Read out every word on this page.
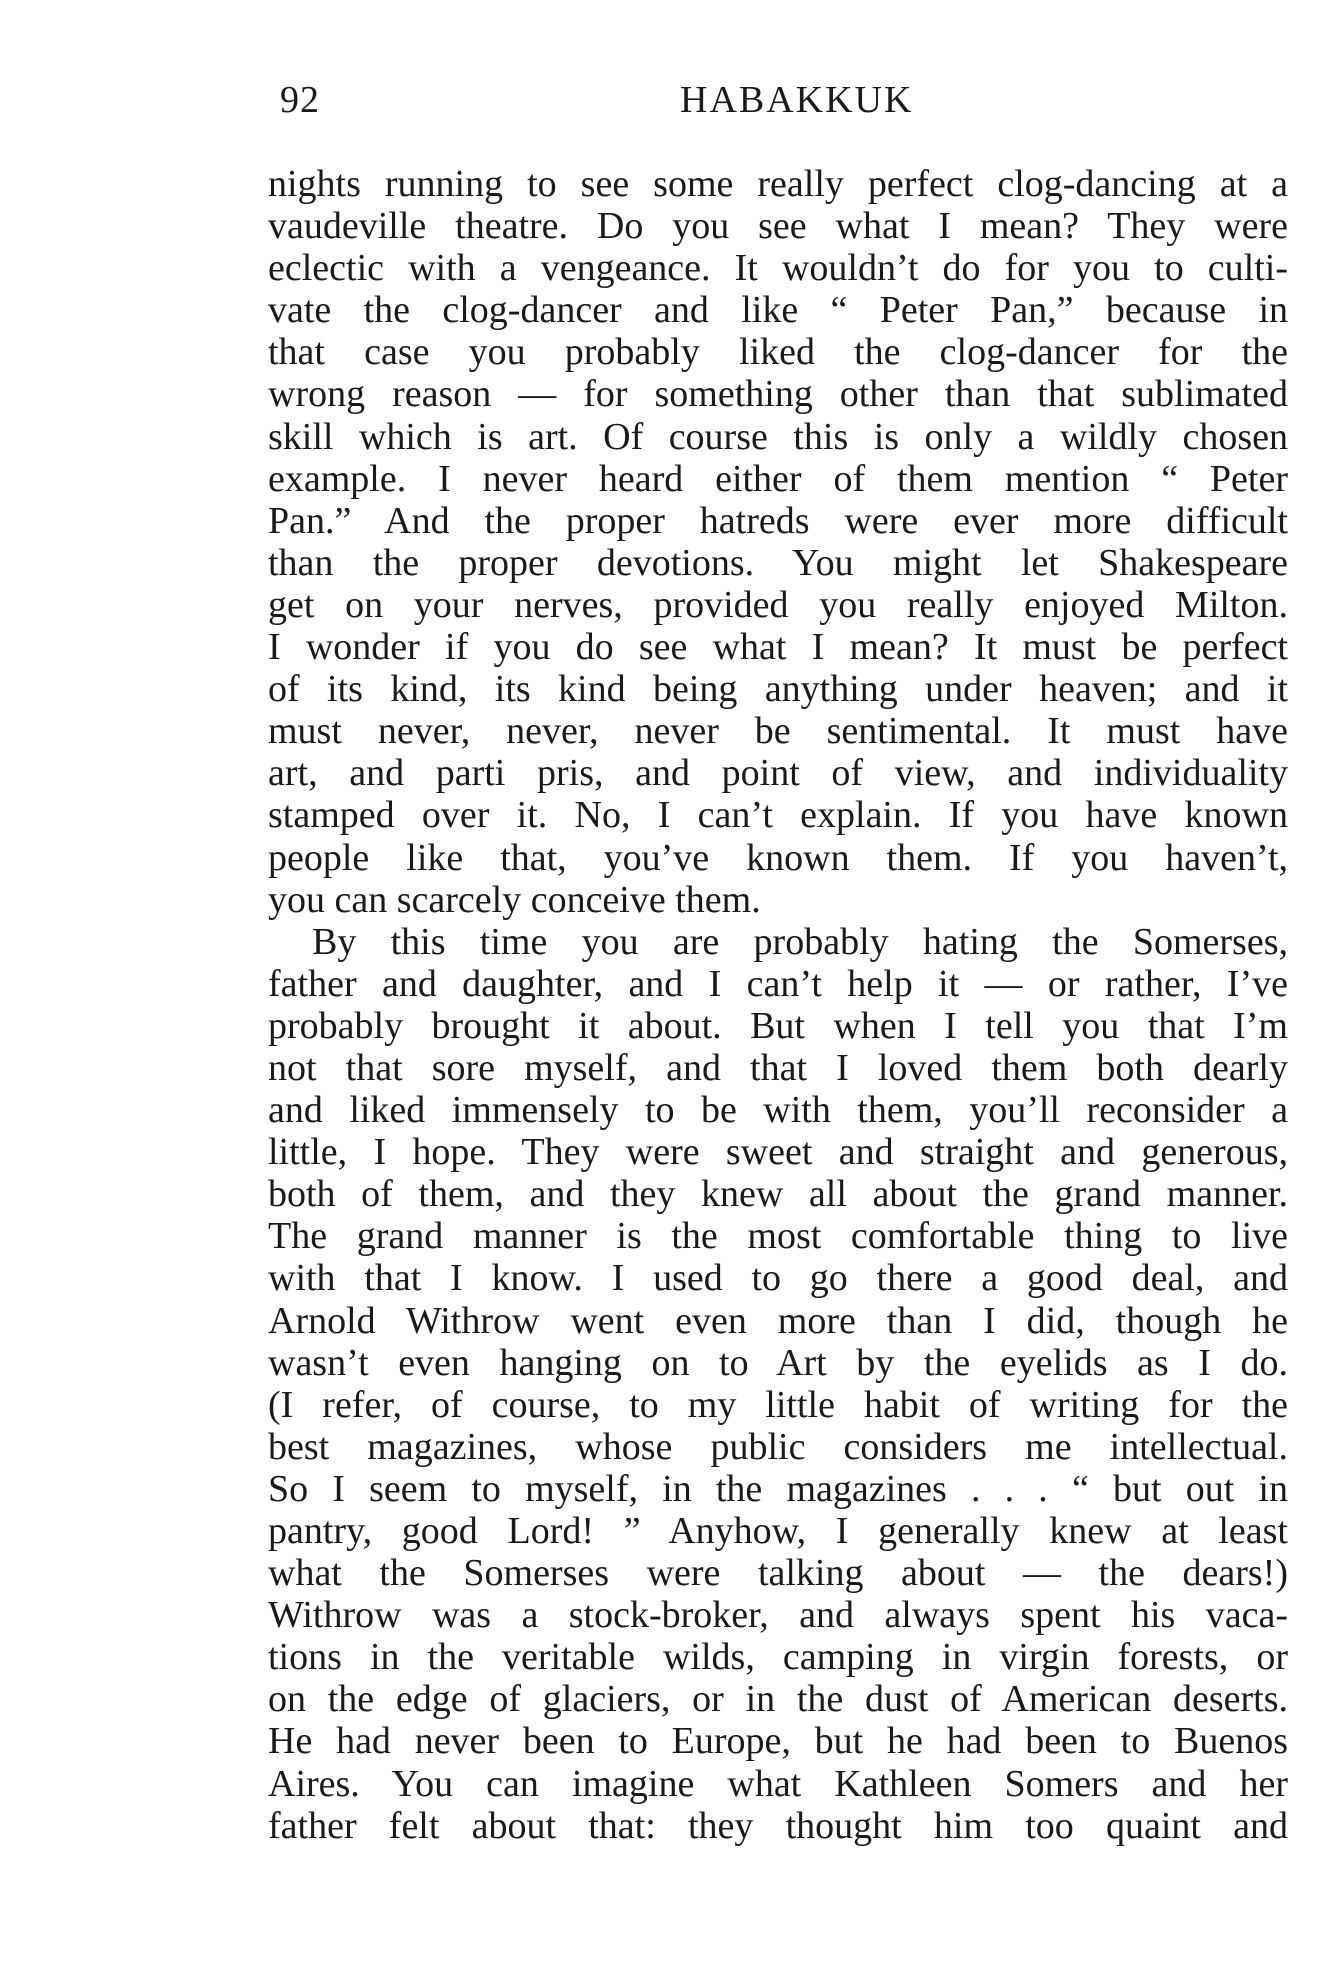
92	HABAKKUK
nights running to see some really perfect clog-dancing at a
vaudeville theatre. Do you see what I mean? They were
eclectic with a vengeance. It wouldn’t do for you to culti-
vate the clog-dancer and like “ Peter Pan,” because in
that case you probably liked the clog-dancer for the
wrong reason — for something other than that sublimated
skill which is art. Of course this is only a wildly chosen
example. I never heard either of them mention “ Peter
Pan.” And the proper hatreds were ever more difficult
than the proper devotions. You might let Shakespeare
get on your nerves, provided you really enjoyed Milton.
I wonder if you do see what I mean? It must be perfect
of its kind, its kind being anything under heaven; and it
must never, never, never be sentimental. It must have
art, and parti pris, and point of view, and individuality
stamped over it. No, I can’t explain. If you have known
people like that, you’ve known them. If you haven’t,
you can scarcely conceive them.
By this time you are probably hating the Somerses,
father and daughter, and I can’t help it — or rather, I’ve
probably brought it about. But when I tell you that I’m
not that sore myself, and that I loved them both dearly
and liked immensely to be with them, you’ll reconsider a
little, I hope. They were sweet and straight and generous,
both of them, and they knew all about the grand manner.
The grand manner is the most comfortable thing to live
with that I know. I used to go there a good deal, and
Arnold Withrow went even more than I did, though he
wasn’t even hanging on to Art by the eyelids as I do.
(I refer, of course, to my little habit of writing for the
best magazines, whose public considers me intellectual.
So I seem to myself, in the magazines . . . “ but out in
pantry, good Lord! ” Anyhow, I generally knew at least
what the Somerses were talking about — the dears!)
Withrow was a stock-broker, and always spent his vaca-
tions in the veritable wilds, camping in virgin forests, or
on the edge of glaciers, or in the dust of American deserts.
He had never been to Europe, but he had been to Buenos
Aires. You can imagine what Kathleen Somers and her
father felt about that: they thought him too quaint and
